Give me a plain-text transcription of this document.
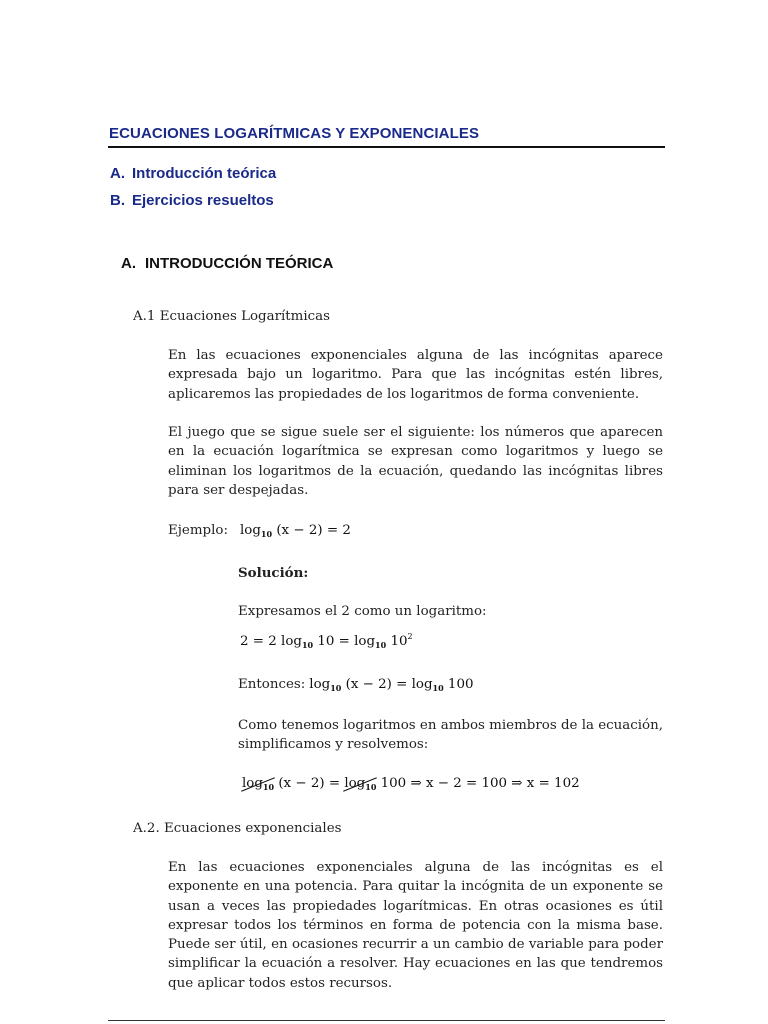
ECUACIONES LOGARÍTMICAS Y EXPONENCIALES
A. Introducción teórica
B. Ejercicios resueltos
A. INTRODUCCIÓN TEÓRICA
A.1 Ecuaciones Logarítmicas
En las ecuaciones exponenciales alguna de las incógnitas aparece expresada bajo un logaritmo. Para que las incógnitas estén libres, aplicaremos las propiedades de los logaritmos de forma conveniente.
El juego que se sigue suele ser el siguiente: los números que aparecen en la ecuación logarítmica se expresan como logaritmos y luego se eliminan los logaritmos de la ecuación, quedando las incógnitas libres para ser despejadas.
Ejemplo: $\log_{10} (x - 2) = 2$
Solución:
Expresamos el 2 como un logaritmo:
2 = 2 $\log_{10} 10 = \log_{10} 10^2$
Entonces: $\log_{10} (x - 2) = \log_{10} 100$
Como tenemos logaritmos en ambos miembros de la ecuación, simplificamos y resolvemos:
$\log_{10} (x - 2) = \log_{10} 100$ ⇒ x − 2 = 100 ⇒ x = 102
A.2. Ecuaciones exponenciales
En las ecuaciones exponenciales alguna de las incógnitas es el exponente en una potencia. Para quitar la incógnita de un exponente se usan a veces las propiedades logarítmicas. En otras ocasiones es útil expresar todos los términos en forma de potencia con la misma base. Puede ser útil, en ocasiones recurrir a un cambio de variable para poder simplificar la ecuación a resolver. Hay ecuaciones en las que tendremos que aplicar todos estos recursos.
